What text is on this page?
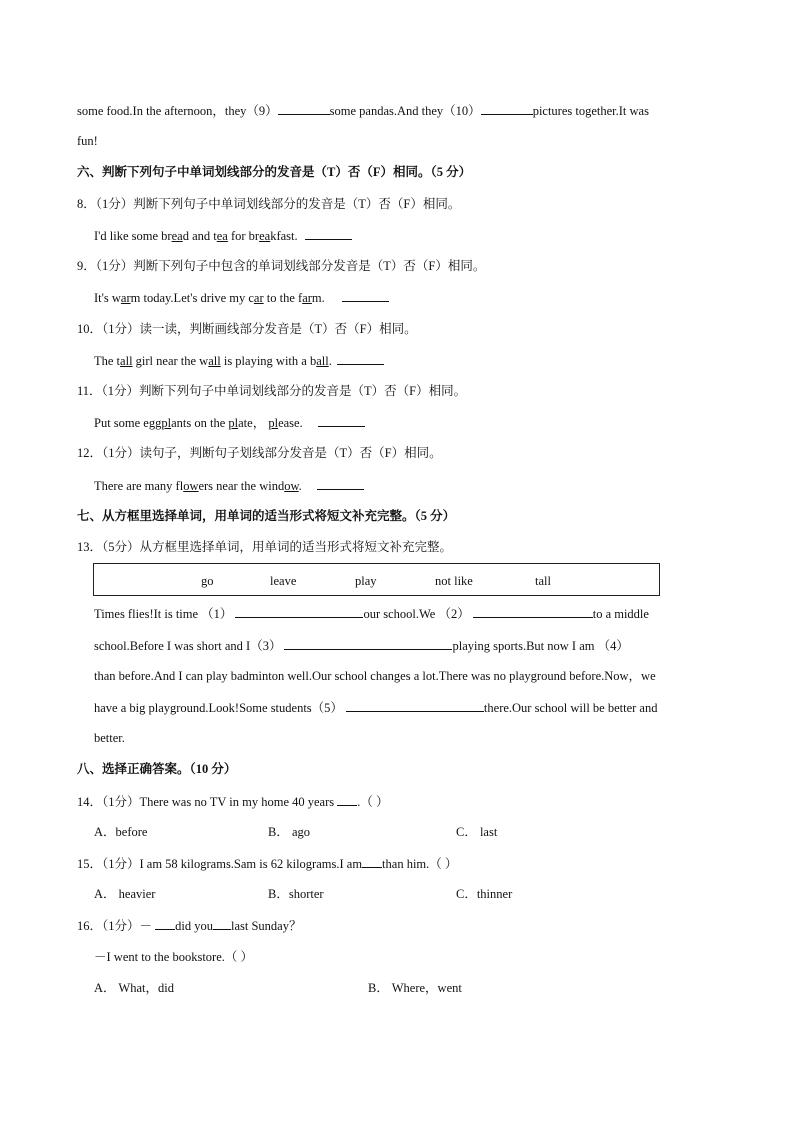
some food.In the afternoon，they（9）	some pandas.And they（10）	pictures together.It was
fun!
六、判断下列句子中单词划线部分的发音是（T）否（F）相同。（5 分）
8．（1分）判断下列句子中单词划线部分的发音是（T）否（F）相同。
I'd like some bread and tea for breakfast.
9．（1分）判断下列句子中包含的单词划线部分发音是（T）否（F）相同。
It's warm today.Let's drive my car to the farm.
10．（1分）读一读，判断画线部分发音是（T）否（F）相同。
The tall girl near the wall is playing with a ball.
11．（1分）判断下列句子中单词划线部分的发音是（T）否（F）相同。
Put some eggplants on the plate， please.
12．（1分）读句子，判断句子划线部分发音是（T）否（F）相同。
There are many flowers near the window.
七、从方框里选择单词，用单词的适当形式将短文补充完整。（5 分）
13．（5分）从方框里选择单词，用单词的适当形式将短文补充完整。
go	leave	play	not like	tall
Times flies!It is time （1）	our school.We （2）	to a middle
school.Before I was short and I（3）	playing sports.But now I am （4）
than before.And I can play badminton well.Our school changes a lot.There was no playground before.Now，we
have a big playground.Look!Some students（5）	there.Our school will be better and
better.
八、选择正确答案。（10 分）
14．（1分）There was no TV in my home 40 years .（ ）
A．before	B． ago	C． last
15．（1分）I am 58 kilograms.Sam is 62 kilograms.I am than him.（ ）
A． heavier	B．shorter	C．thinner
16．（1分）－ did you last Sunday？
－I went to the bookstore.（ ）
A． What，did	B． Where，went
